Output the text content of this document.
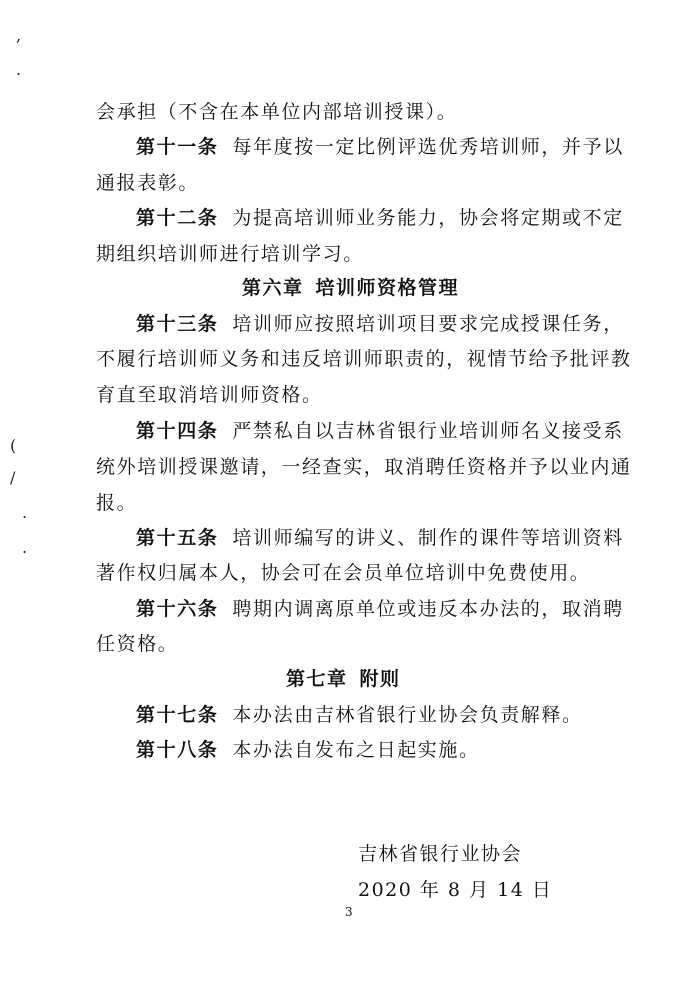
,
.
(
/
.
.
会承担（不含在本单位内部培训授课）。
第十一条 每年度按一定比例评选优秀培训师，并予以
通报表彰。
第十二条 为提高培训师业务能力，协会将定期或不定
期组织培训师进行培训学习。
第六章 培训师资格管理
第十三条 培训师应按照培训项目要求完成授课任务，
不履行培训师义务和违反培训师职责的，视情节给予批评教
育直至取消培训师资格。
第十四条 严禁私自以吉林省银行业培训师名义接受系
统外培训授课邀请，一经查实，取消聘任资格并予以业内通
报。
第十五条 培训师编写的讲义、制作的课件等培训资料
著作权归属本人，协会可在会员单位培训中免费使用。
第十六条 聘期内调离原单位或违反本办法的，取消聘
任资格。
第七章 附则
第十七条 本办法由吉林省银行业协会负责解释。
第十八条 本办法自发布之日起实施。
吉林省银行业协会
2020 年 8 月 14 日
3
